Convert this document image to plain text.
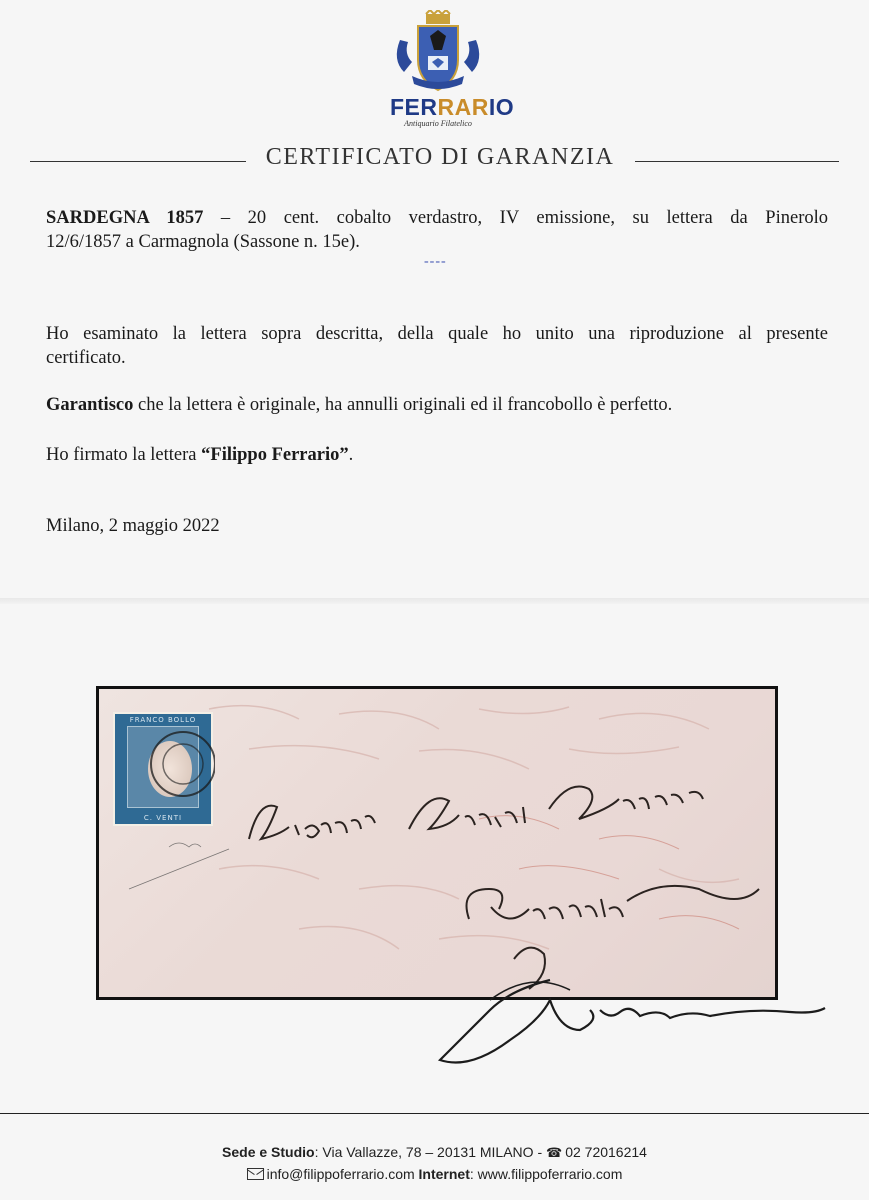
FERRARIO
Antiquario Filatelico
CERTIFICATO DI GARANZIA
SARDEGNA 1857 – 20 cent. cobalto verdastro, IV emissione, su lettera da Pinerolo
12/6/1857 a Carmagnola (Sassone n. 15e).
----
Ho esaminato la lettera sopra descritta, della quale ho unito una riproduzione al presente
certificato.
Garantisco che la lettera è originale, ha annulli originali ed il francobollo è perfetto.
Ho firmato la lettera “Filippo Ferrario”.
Milano, 2 maggio 2022
FRANCO BOLLO
C. VENTI
Sede e Studio: Via Vallazze, 78 – 20131 MILANO - ☎ 02 72016214
info@filippoferrario.com Internet: www.filippoferrario.com
